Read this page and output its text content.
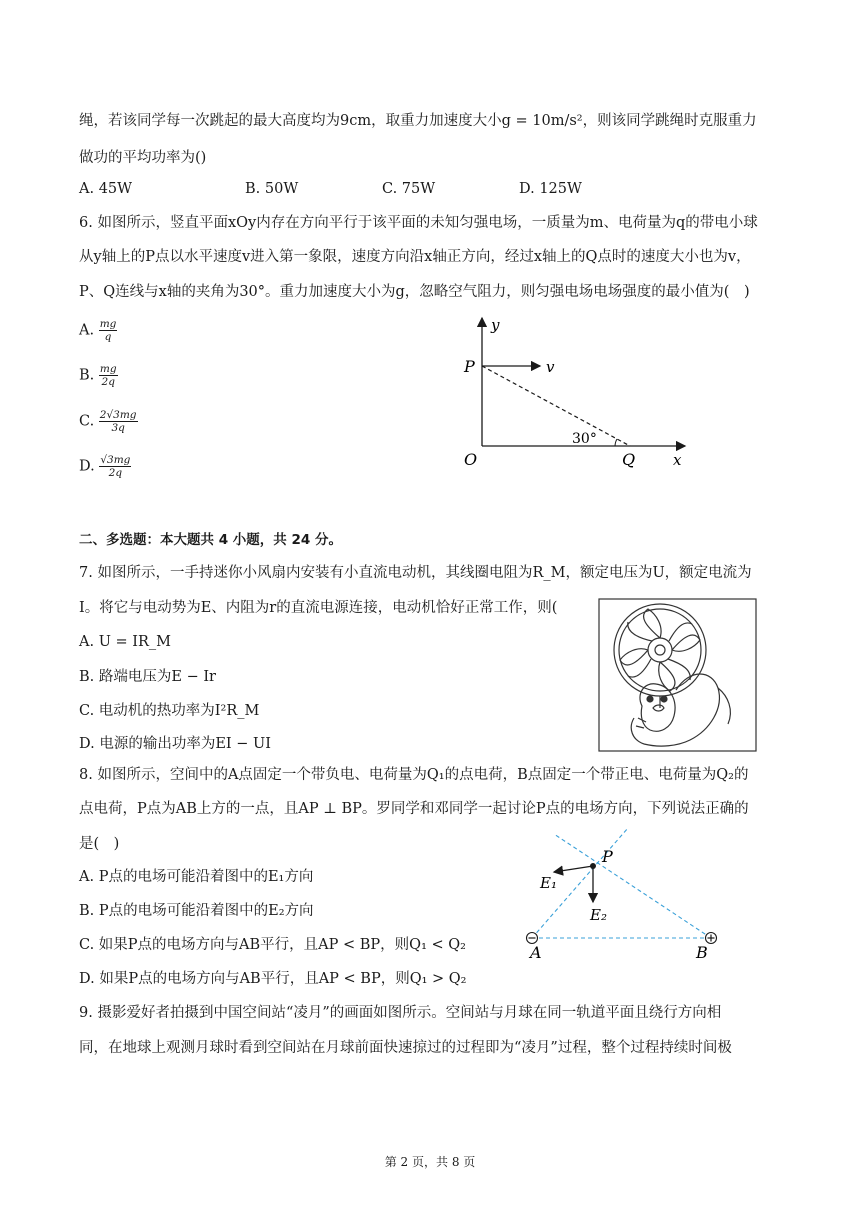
绳，若该同学每一次跳起的最大高度均为9cm，取重力加速度大小g = 10m/s²，则该同学跳绳时克服重力
做功的平均功率为()
A. 45W	B. 50W	C. 75W	D. 125W
6. 如图所示，竖直平面xOy内存在方向平行于该平面的未知匀强电场，一质量为m、电荷量为q的带电小球
从y轴上的P点以水平速度v进入第一象限，速度方向沿x轴正方向，经过x轴上的Q点时的速度大小也为v，
P、Q连线与x轴的夹角为30°。重力加速度大小为g，忽略空气阻力，则匀强电场电场强度的最小值为(　)
A. $\frac{mg}{q}$
B. $\frac{mg}{2q}$
C. $\frac{2√3mg}{3q}$
D. $\frac{√3mg}{2q}$
y
x
P	v
O	Q
30°
二、多选题：本大题共 4 小题，共 24 分。
7. 如图所示，一手持迷你小风扇内安装有小直流电动机，其线圈电阻为R_M，额定电压为U，额定电流为
I。将它与电动势为E、内阻为r的直流电源连接，电动机恰好正常工作，则(
A. U = IR_M
B. 路端电压为E − Ir
C. 电动机的热功率为I²R_M
D. 电源的输出功率为EI − UI
8. 如图所示，空间中的A点固定一个带负电、电荷量为Q₁的点电荷，B点固定一个带正电、电荷量为Q₂的
点电荷，P点为AB上方的一点，且AP ⊥ BP。罗同学和邓同学一起讨论P点的电场方向，下列说法正确的
是(　)
A. P点的电场可能沿着图中的E₁方向
B. P点的电场可能沿着图中的E₂方向
C. 如果P点的电场方向与AB平行，且AP < BP，则Q₁ < Q₂
D. 如果P点的电场方向与AB平行，且AP < BP，则Q₁ > Q₂
P
E₁
E₂
A	B
9. 摄影爱好者拍摄到中国空间站“凌月”的画面如图所示。空间站与月球在同一轨道平面且绕行方向相
同，在地球上观测月球时看到空间站在月球前面快速掠过的过程即为“凌月”过程，整个过程持续时间极
第 2 页，共 8 页
